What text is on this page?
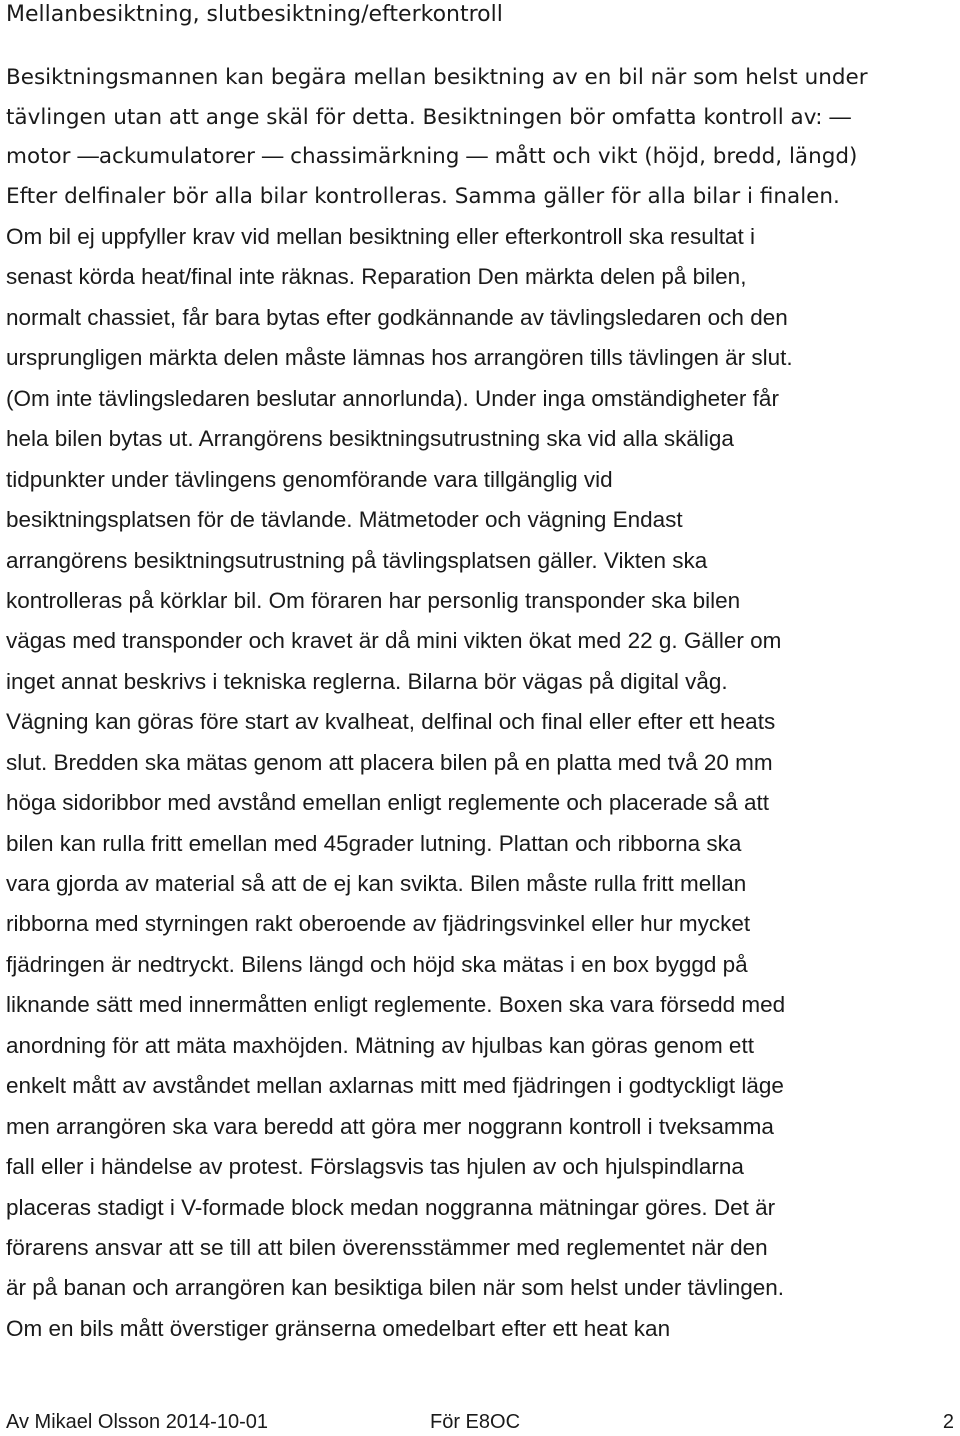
Mellanbesiktning, slutbesiktning/efterkontroll
Besiktningsmannen kan begära mellan besiktning av en bil när som helst under
tävlingen utan att ange skäl för detta. Besiktningen bör omfatta kontroll av: ―
motor ―ackumulatorer ― chassimärkning ― mått och vikt (höjd, bredd, längd)
Efter delfinaler bör alla bilar kontrolleras. Samma gäller för alla bilar i finalen.
Om bil ej uppfyller krav vid mellan besiktning eller efterkontroll ska resultat i
senast körda heat/final inte räknas. Reparation Den märkta delen på bilen,
normalt chassiet, får bara bytas efter godkännande av tävlingsledaren och den
ursprungligen märkta delen måste lämnas hos arrangören tills tävlingen är slut.
(Om inte tävlingsledaren beslutar annorlunda). Under inga omständigheter får
hela bilen bytas ut. Arrangörens besiktningsutrustning ska vid alla skäliga
tidpunkter under tävlingens genomförande vara tillgänglig vid
besiktningsplatsen för de tävlande. Mätmetoder och vägning Endast
arrangörens besiktningsutrustning på tävlingsplatsen gäller. Vikten ska
kontrolleras på körklar bil. Om föraren har personlig transponder ska bilen
vägas med transponder och kravet är då mini vikten ökat med 22 g. Gäller om
inget annat beskrivs i tekniska reglerna. Bilarna bör vägas på digital våg.
Vägning kan göras före start av kvalheat, delfinal och final eller efter ett heats
slut. Bredden ska mätas genom att placera bilen på en platta med två 20 mm
höga sidoribbor med avstånd emellan enligt reglemente och placerade så att
bilen kan rulla fritt emellan med 45grader lutning. Plattan och ribborna ska
vara gjorda av material så att de ej kan svikta. Bilen måste rulla fritt mellan
ribborna med styrningen rakt oberoende av fjädringsvinkel eller hur mycket
fjädringen är nedtryckt. Bilens längd och höjd ska mätas i en box byggd på
liknande sätt med innermåtten enligt reglemente. Boxen ska vara försedd med
anordning för att mäta maxhöjden. Mätning av hjulbas kan göras genom ett
enkelt mått av avståndet mellan axlarnas mitt med fjädringen i godtyckligt läge
men arrangören ska vara beredd att göra mer noggrann kontroll i tveksamma
fall eller i händelse av protest. Förslagsvis tas hjulen av och hjulspindlarna
placeras stadigt i V-formade block medan noggranna mätningar göres. Det är
förarens ansvar att se till att bilen överensstämmer med reglementet när den
är på banan och arrangören kan besiktiga bilen när som helst under tävlingen.
Om en bils mått överstiger gränserna omedelbart efter ett heat kan
Av Mikael Olsson 2014-10-01	För E8OC	2
